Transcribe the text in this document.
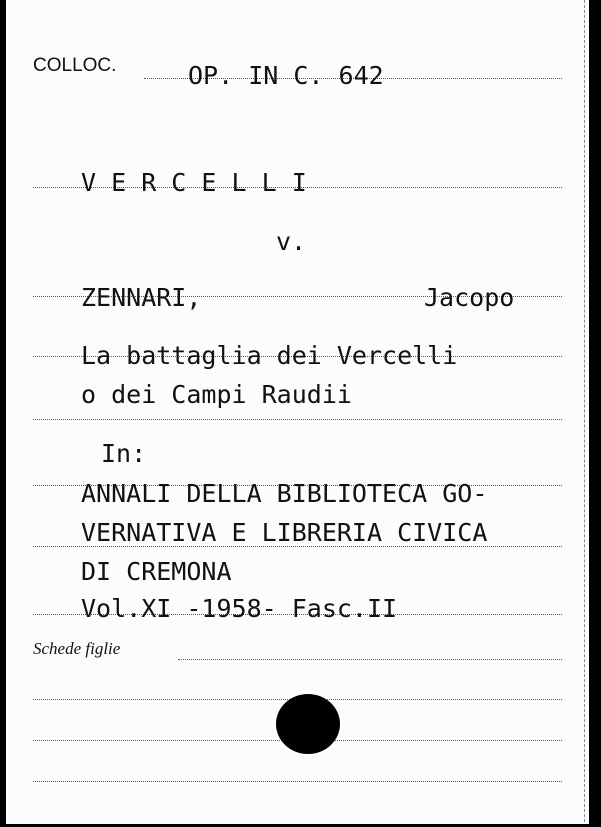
COLLOC.	OP. IN C. 642
V E R C E L L I
v.
ZENNARI,	Jacopo
La battaglia dei Vercelli
o dei Campi Raudii
In:
ANNALI DELLA BIBLIOTECA GO-
VERNATIVA E LIBRERIA CIVICA
DI CREMONA
Vol.XI -1958- Fasc.II
Schede figlie
